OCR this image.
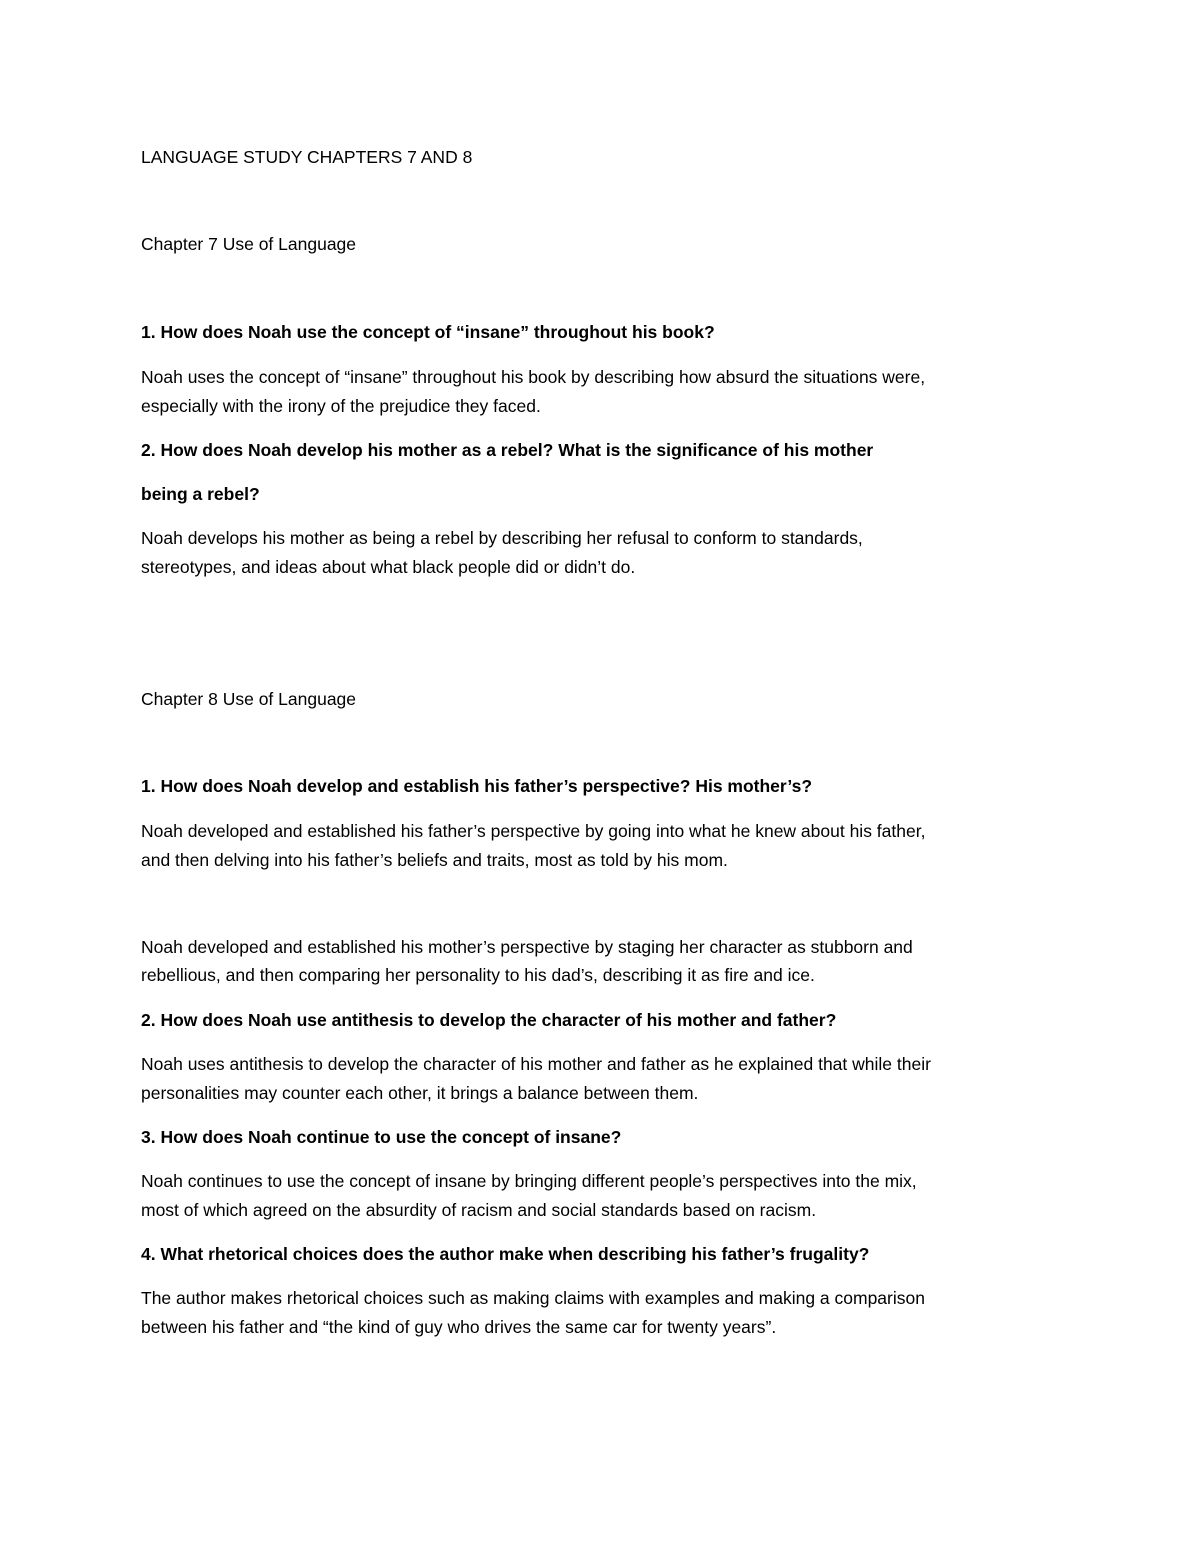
LANGUAGE STUDY CHAPTERS 7 AND 8
Chapter 7 Use of Language
1. How does Noah use the concept of “insane” throughout his book?
Noah uses the concept of “insane” throughout his book by describing how absurd the situations were,
especially with the irony of the prejudice they faced.
2. How does Noah develop his mother as a rebel? What is the significance of his mother
being a rebel?
Noah develops his mother as being a rebel by describing her refusal to conform to standards,
stereotypes, and ideas about what black people did or didn’t do.
Chapter 8 Use of Language
1. How does Noah develop and establish his father’s perspective? His mother’s?
Noah developed and established his father’s perspective by going into what he knew about his father,
and then delving into his father’s beliefs and traits, most as told by his mom.
Noah developed and established his mother’s perspective by staging her character as stubborn and
rebellious, and then comparing her personality to his dad’s, describing it as fire and ice.
2. How does Noah use antithesis to develop the character of his mother and father?
Noah uses antithesis to develop the character of his mother and father as he explained that while their
personalities may counter each other, it brings a balance between them.
3. How does Noah continue to use the concept of insane?
Noah continues to use the concept of insane by bringing different people’s perspectives into the mix,
most of which agreed on the absurdity of racism and social standards based on racism.
4. What rhetorical choices does the author make when describing his father’s frugality?
The author makes rhetorical choices such as making claims with examples and making a comparison
between his father and “the kind of guy who drives the same car for twenty years”.
